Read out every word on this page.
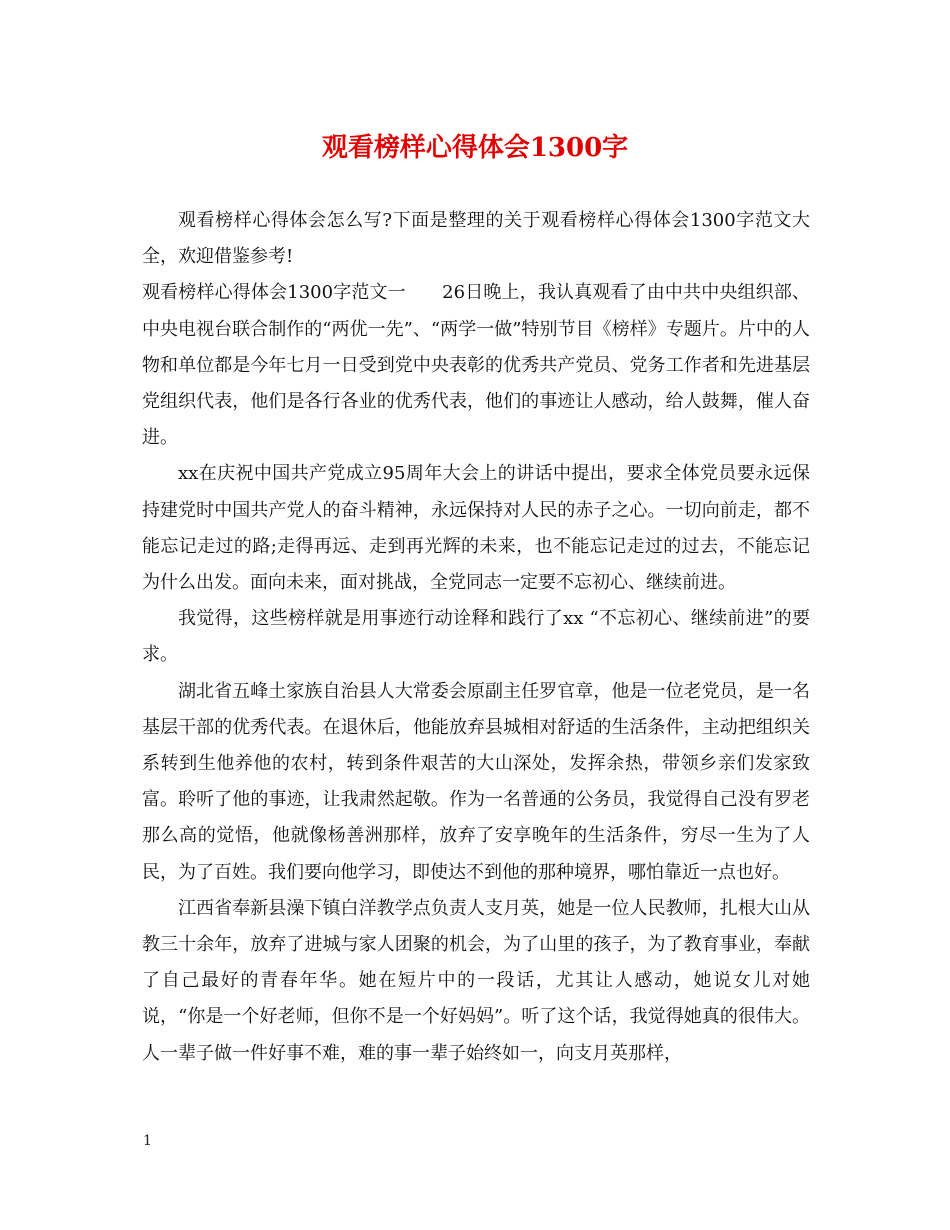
观看榜样心得体会1300字

观看榜样心得体会怎么写?下面是整理的关于观看榜样心得体会1300字范文大全，欢迎借鉴参考!

观看榜样心得体会1300字范文一　　26日晚上，我认真观看了由中共中央组织部、中央电视台联合制作的“两优一先”、“两学一做”特别节目《榜样》专题片。片中的人物和单位都是今年七月一日受到党中央表彰的优秀共产党员、党务工作者和先进基层党组织代表，他们是各行各业的优秀代表，他们的事迹让人感动，给人鼓舞，催人奋进。

xx在庆祝中国共产党成立95周年大会上的讲话中提出，要求全体党员要永远保持建党时中国共产党人的奋斗精神，永远保持对人民的赤子之心。一切向前走，都不能忘记走过的路;走得再远、走到再光辉的未来，也不能忘记走过的过去，不能忘记为什么出发。面向未来，面对挑战，全党同志一定要不忘初心、继续前进。

我觉得，这些榜样就是用事迹行动诠释和践行了xx “不忘初心、继续前进”的要求。

湖北省五峰土家族自治县人大常委会原副主任罗官章，他是一位老党员，是一名基层干部的优秀代表。在退休后，他能放弃县城相对舒适的生活条件，主动把组织关系转到生他养他的农村，转到条件艰苦的大山深处，发挥余热，带领乡亲们发家致富。聆听了他的事迹，让我肃然起敬。作为一名普通的公务员，我觉得自己没有罗老那么高的觉悟，他就像杨善洲那样，放弃了安享晚年的生活条件，穷尽一生为了人民，为了百姓。我们要向他学习，即使达不到他的那种境界，哪怕靠近一点也好。

江西省奉新县澡下镇白洋教学点负责人支月英，她是一位人民教师，扎根大山从教三十余年，放弃了进城与家人团聚的机会，为了山里的孩子，为了教育事业，奉献了自己最好的青春年华。她在短片中的一段话，尤其让人感动，她说女儿对她说，“你是一个好老师，但你不是一个好妈妈”。听了这个话，我觉得她真的很伟大。人一辈子做一件好事不难，难的事一辈子始终如一，向支月英那样，

1
